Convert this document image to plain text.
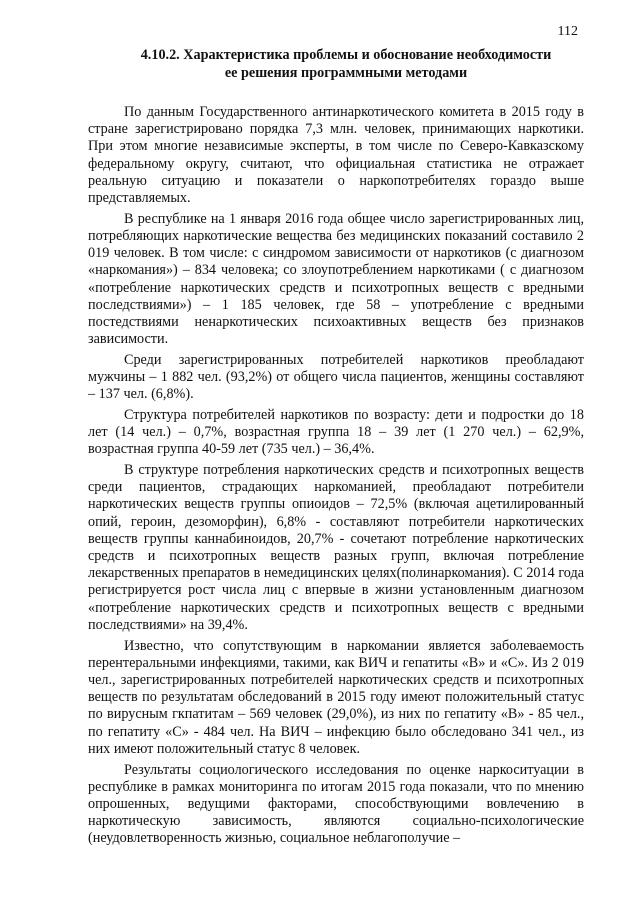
112
4.10.2. Характеристика проблемы и обоснование необходимости
ее решения программными методами

По данным Государственного антинаркотического комитета в 2015 году в стране зарегистрировано порядка 7,3 млн. человек, принимающих наркотики. При этом многие независимые эксперты, в том числе по Северо-Кавказскому федеральному округу, считают, что официальная статистика не отражает реальную ситуацию и показатели о наркопотребителях гораздо выше представляемых.

В республике на 1 января 2016 года общее число зарегистрированных лиц, потребляющих наркотические вещества без медицинских показаний составило 2 019 человек. В том числе: с синдромом зависимости от наркотиков (с диагнозом «наркомания») – 834 человека; со злоупотреблением наркотиками ( с диагнозом «потребление наркотических средств и психотропных веществ с вредными последствиями») – 1 185 человек, где 58 – употребление с вредными постедствиями ненаркотических психоактивных веществ без признаков зависимости.

Среди зарегистрированных потребителей наркотиков преобладают мужчины – 1 882 чел. (93,2%) от общего числа пациентов, женщины составляют – 137 чел. (6,8%).

Структура потребителей наркотиков по возрасту: дети и подростки до 18 лет (14 чел.) – 0,7%, возрастная группа 18 – 39 лет (1 270 чел.) – 62,9%, возрастная группа 40-59 лет (735 чел.) – 36,4%.

В структуре потребления наркотических средств и психотропных веществ среди пациентов, страдающих наркоманией, преобладают потребители наркотических веществ группы опиоидов – 72,5% (включая ацетилированный опий, героин, дезоморфин), 6,8% - составляют потребители наркотических веществ группы каннабиноидов, 20,7% - сочетают потребление наркотических средств и психотропных веществ разных групп, включая потребление лекарственных препаратов в немедицинских целях(полинаркомания). С 2014 года регистрируется рост числа лиц с впервые в жизни установленным диагнозом «потребление наркотических средств и психотропных веществ с вредными последствиями» на 39,4%.

Известно, что сопутствующим в наркомании является заболеваемость перентеральными инфекциями, такими, как ВИЧ и гепатиты «В» и «С». Из 2 019 чел., зарегистрированных потребителей наркотических средств и психотропных веществ по результатам обследований в 2015 году имеют положительный статус по вирусным гкпатитам – 569 человек (29,0%), из них по гепатиту «В» - 85 чел., по гепатиту «С» - 484 чел. На ВИЧ – инфекцию было обследовано 341 чел., из них имеют положительный статус 8 человек.

Результаты социологического исследования по оценке наркоситуации в республике в рамках мониторинга по итогам 2015 года показали, что по мнению опрошенных, ведущими факторами, способствующими вовлечению в наркотическую зависимость, являются социально-психологические (неудовлетворенность жизнью, социальное неблагополучие –
